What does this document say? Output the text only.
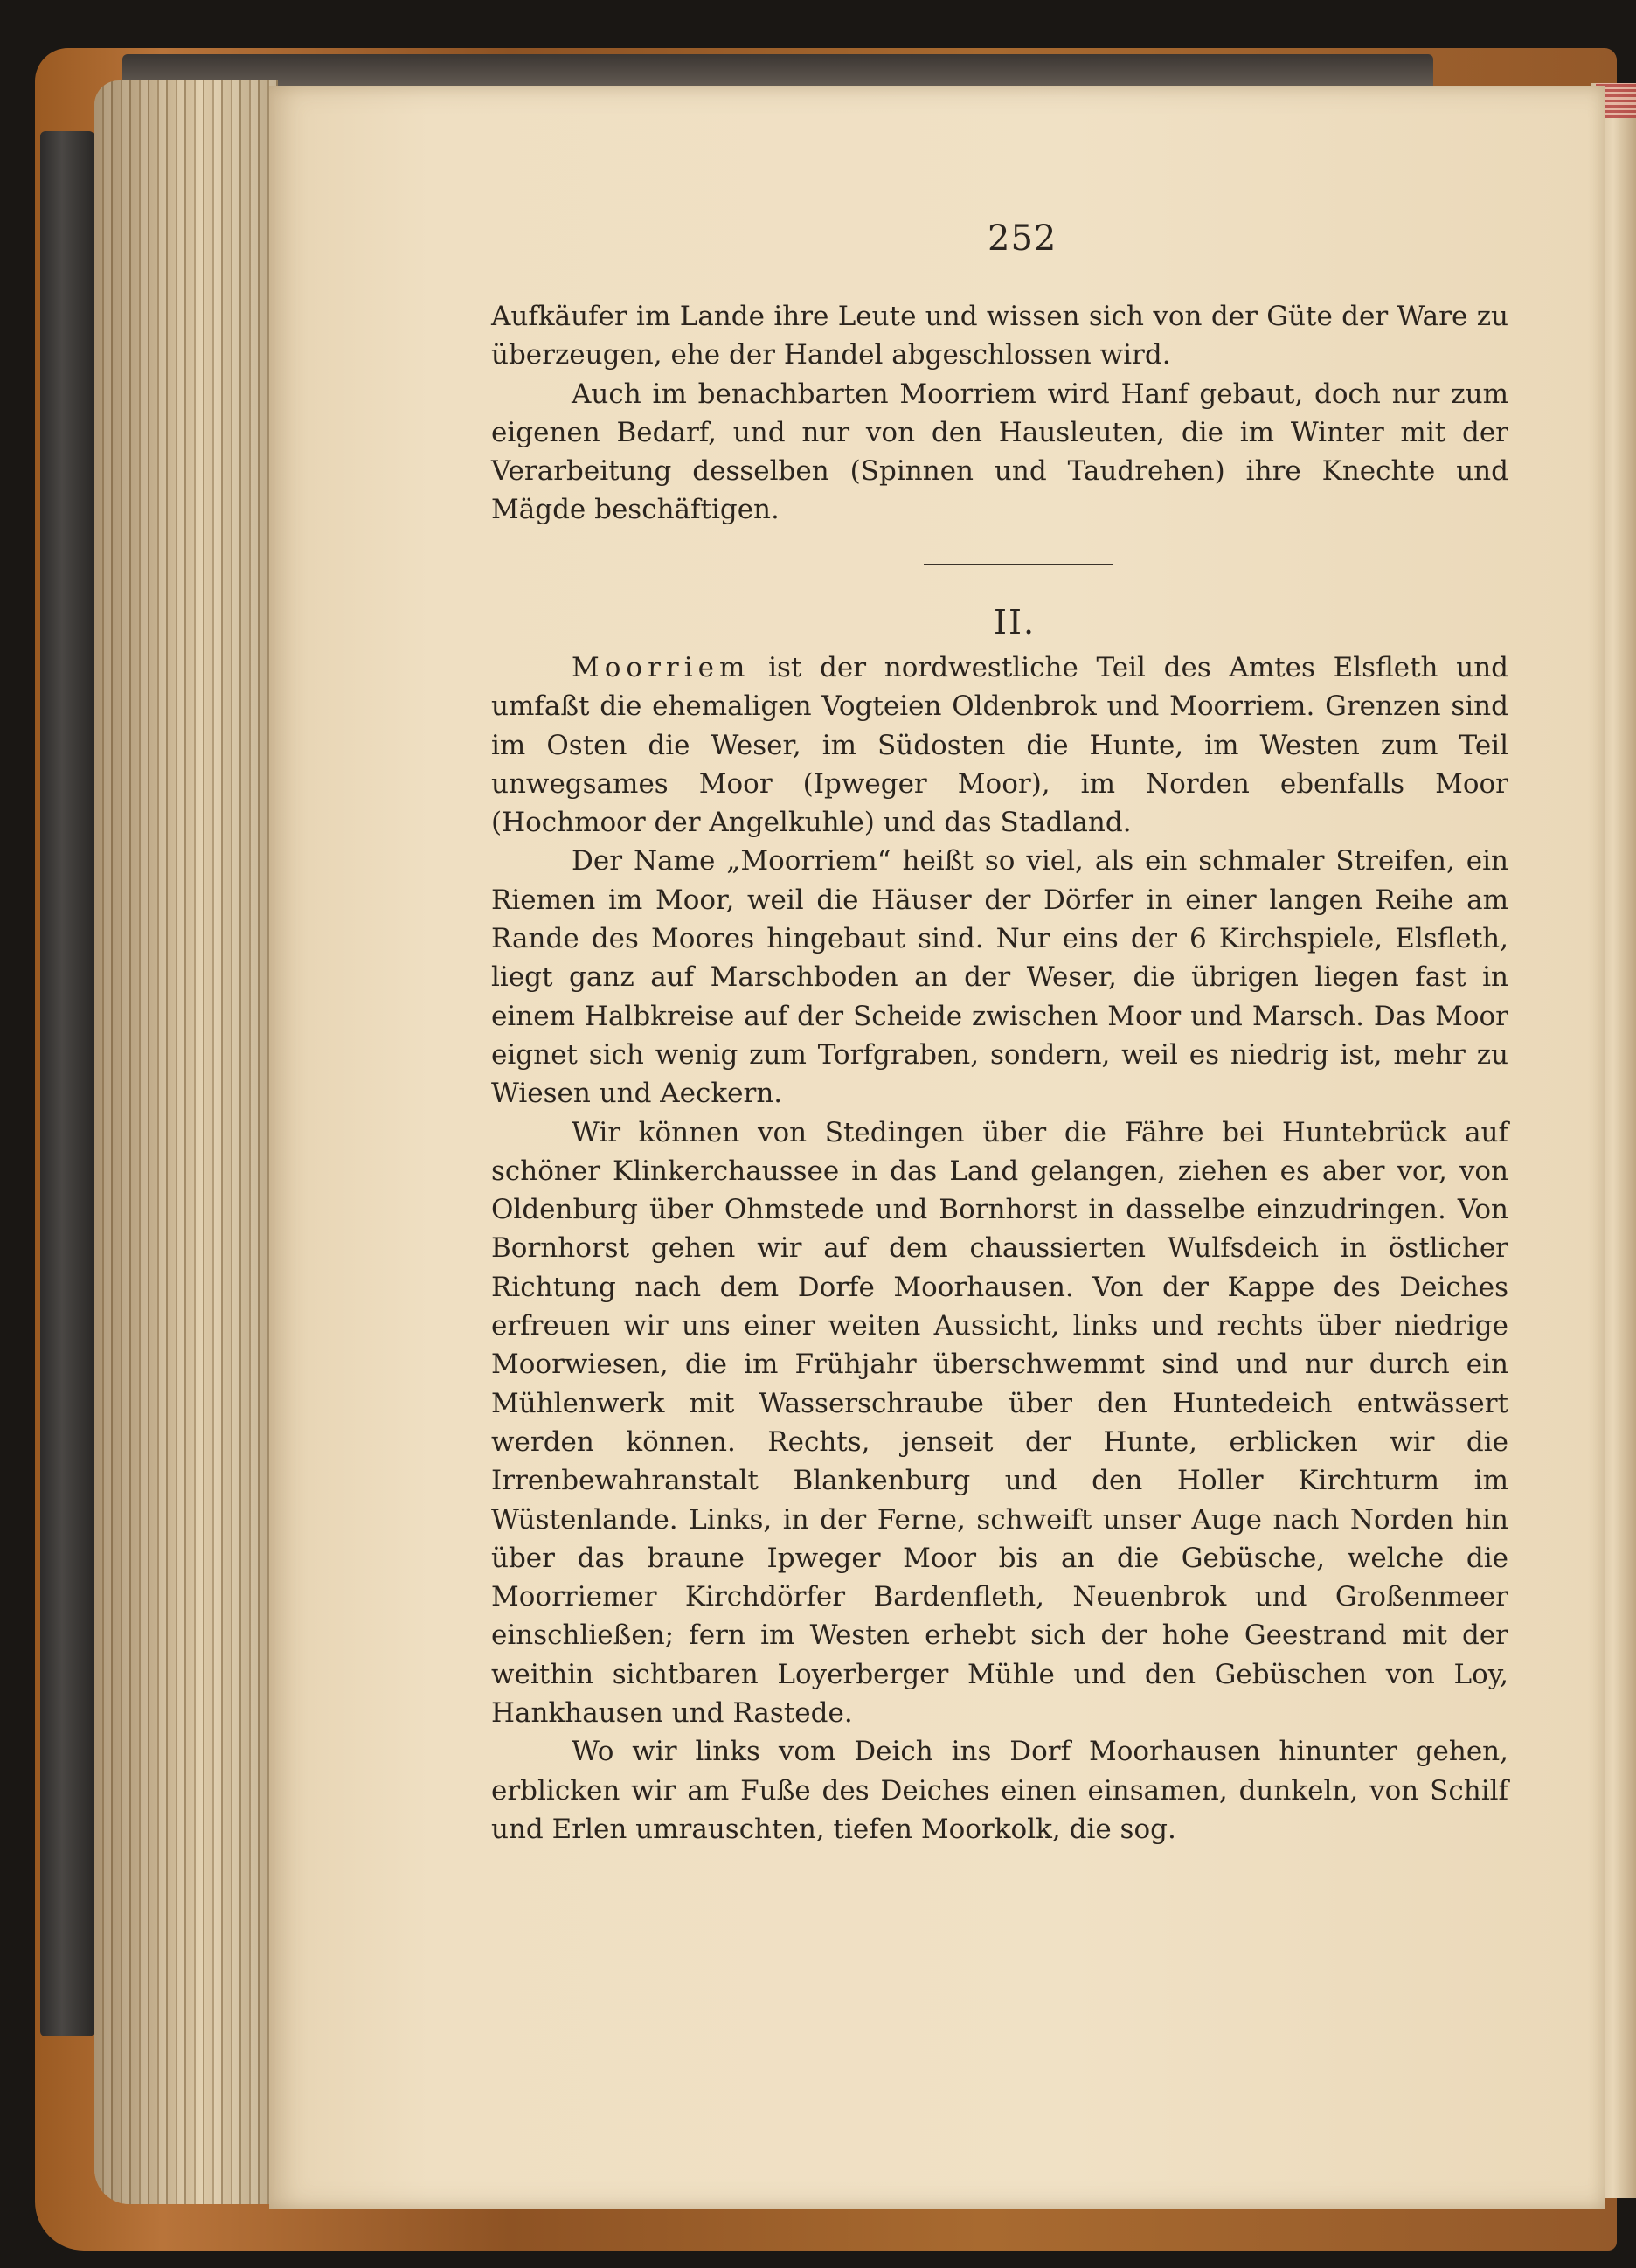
252

Aufkäufer im Lande ihre Leute und wissen sich von der Güte der Ware zu überzeugen, ehe der Handel abgeschlossen wird.

Auch im benachbarten Moorriem wird Hanf gebaut, doch nur zum eigenen Bedarf, und nur von den Hausleuten, die im Winter mit der Verarbeitung desselben (Spinnen und Taudrehen) ihre Knechte und Mägde beschäftigen.

II.

Moorriem ist der nordwestliche Teil des Amtes Elsfleth und umfaßt die ehemaligen Vogteien Oldenbrok und Moorriem. Grenzen sind im Osten die Weser, im Südosten die Hunte, im Westen zum Teil unwegsames Moor (Ipweger Moor), im Norden ebenfalls Moor (Hochmoor der Angelkuhle) und das Stadland.

Der Name „Moorriem“ heißt so viel, als ein schmaler Streifen, ein Riemen im Moor, weil die Häuser der Dörfer in einer langen Reihe am Rande des Moores hingebaut sind. Nur eins der 6 Kirchspiele, Elsfleth, liegt ganz auf Marschboden an der Weser, die übrigen liegen fast in einem Halbkreise auf der Scheide zwischen Moor und Marsch. Das Moor eignet sich wenig zum Torfgraben, sondern, weil es niedrig ist, mehr zu Wiesen und Aeckern.

Wir können von Stedingen über die Fähre bei Huntebrück auf schöner Klinkerchaussee in das Land gelangen, ziehen es aber vor, von Oldenburg über Ohmstede und Bornhorst in dasselbe einzudringen. Von Bornhorst gehen wir auf dem chaussierten Wulfsdeich in östlicher Richtung nach dem Dorfe Moorhausen. Von der Kappe des Deiches erfreuen wir uns einer weiten Aussicht, links und rechts über niedrige Moorwiesen, die im Frühjahr überschwemmt sind und nur durch ein Mühlenwerk mit Wasserschraube über den Huntedeich entwässert werden können. Rechts, jenseit der Hunte, erblicken wir die Irrenbewahranstalt Blankenburg und den Holler Kirchturm im Wüstenlande. Links, in der Ferne, schweift unser Auge nach Norden hin über das braune Ipweger Moor bis an die Gebüsche, welche die Moorriemer Kirchdörfer Bardenfleth, Neuenbrok und Großenmeer einschließen; fern im Westen erhebt sich der hohe Geestrand mit der weithin sichtbaren Loyerberger Mühle und den Gebüschen von Loy, Hankhausen und Rastede.

Wo wir links vom Deich ins Dorf Moorhausen hinunter gehen, erblicken wir am Fuße des Deiches einen einsamen, dunkeln, von Schilf und Erlen umrauschten, tiefen Moorkolk, die sog.
